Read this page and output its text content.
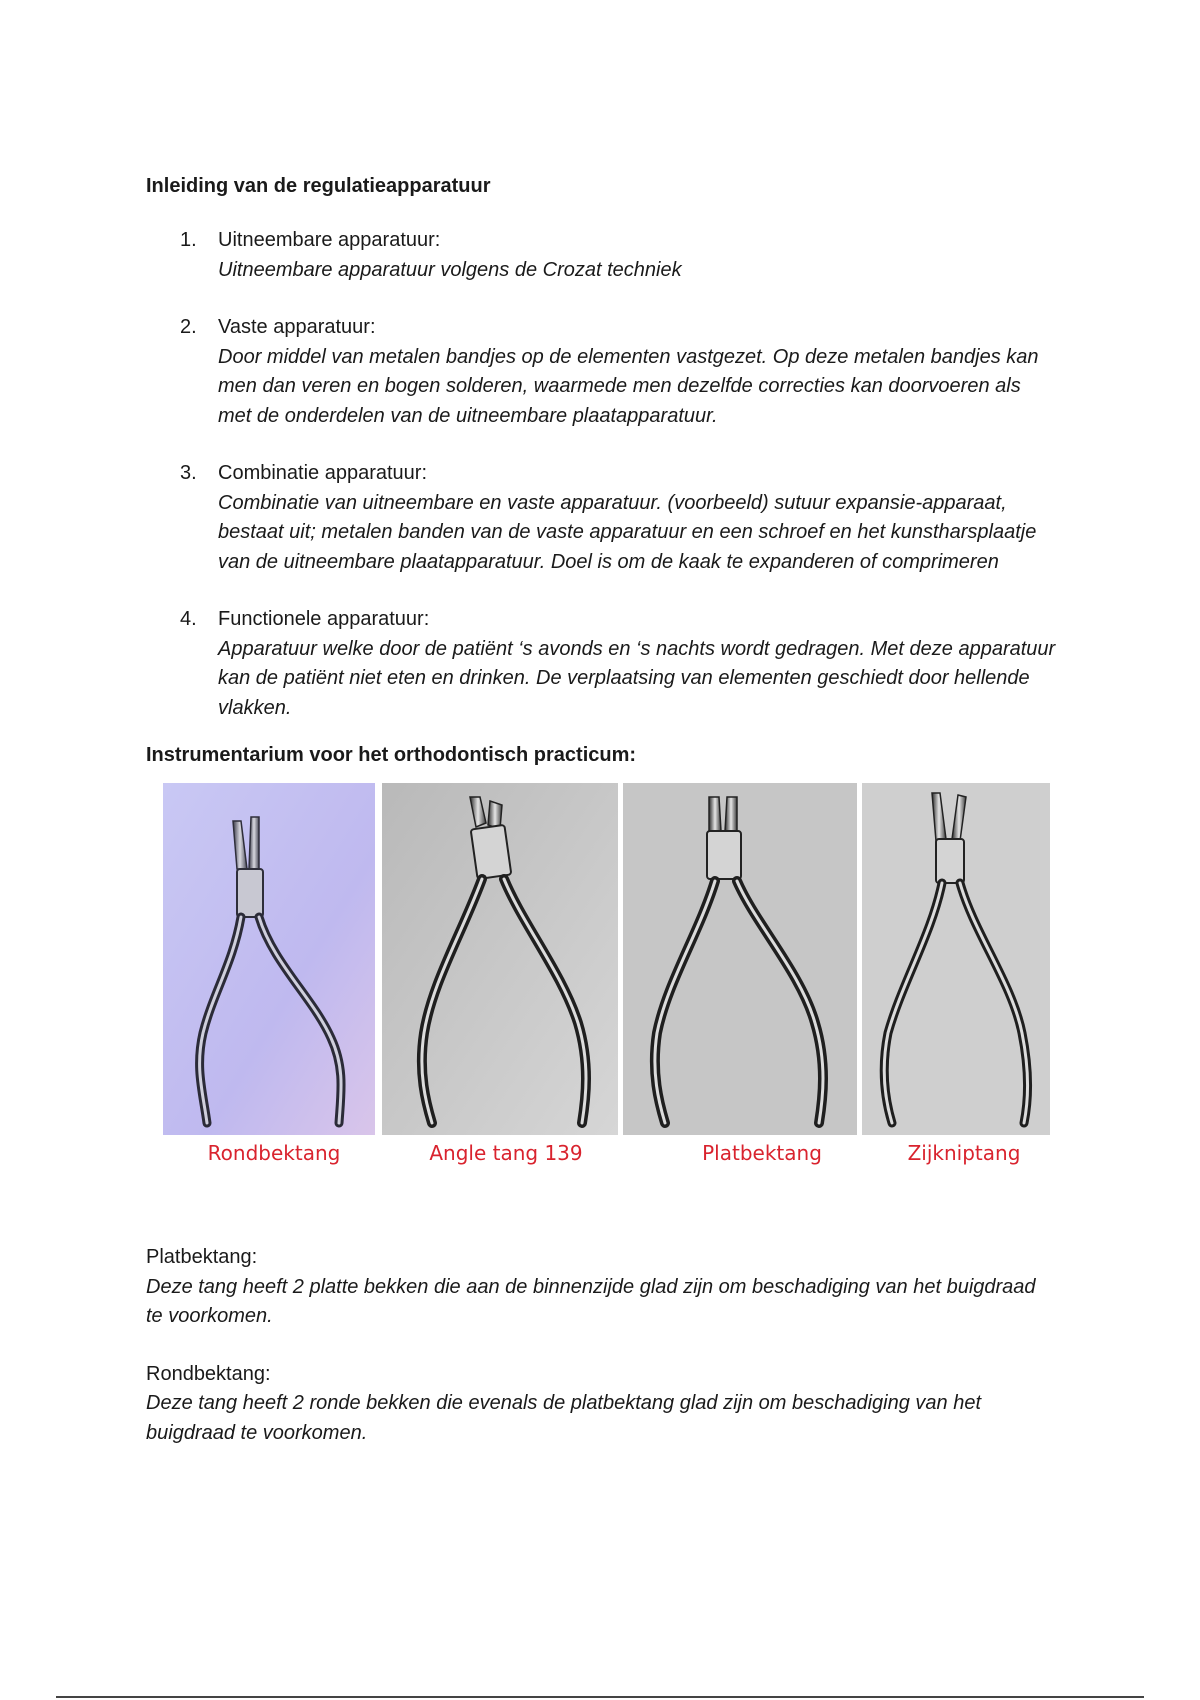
Inleiding van de regulatieapparatuur
1. Uitneembare apparatuur:
Uitneembare apparatuur volgens de Crozat techniek
2. Vaste apparatuur:
Door middel van metalen bandjes op de elementen vastgezet. Op deze metalen bandjes kan men dan veren en bogen solderen, waarmede men dezelfde correcties kan doorvoeren als met de onderdelen van de uitneembare plaatapparatuur.
3. Combinatie apparatuur:
Combinatie van uitneembare en vaste apparatuur. (voorbeeld) sutuur expansie-apparaat, bestaat uit; metalen banden van de vaste apparatuur en een schroef en het kunstharsplaatje van de uitneembare plaatapparatuur. Doel is om de kaak te expanderen of comprimeren
4. Functionele apparatuur:
Apparatuur welke door de patiënt ‘s avonds en ‘s nachts wordt gedragen. Met deze apparatuur kan de patiënt niet eten en drinken. De verplaatsing van elementen geschiedt door hellende vlakken.
Instrumentarium voor het orthodontisch practicum:
Rondbektang	Angle tang 139	Platbektang	Zijkniptang
Platbektang:
Deze tang heeft 2 platte bekken die aan de binnenzijde glad zijn om beschadiging van het buigdraad te voorkomen.
Rondbektang:
Deze tang heeft 2 ronde bekken die evenals de platbektang glad zijn om beschadiging van het buigdraad te voorkomen.
